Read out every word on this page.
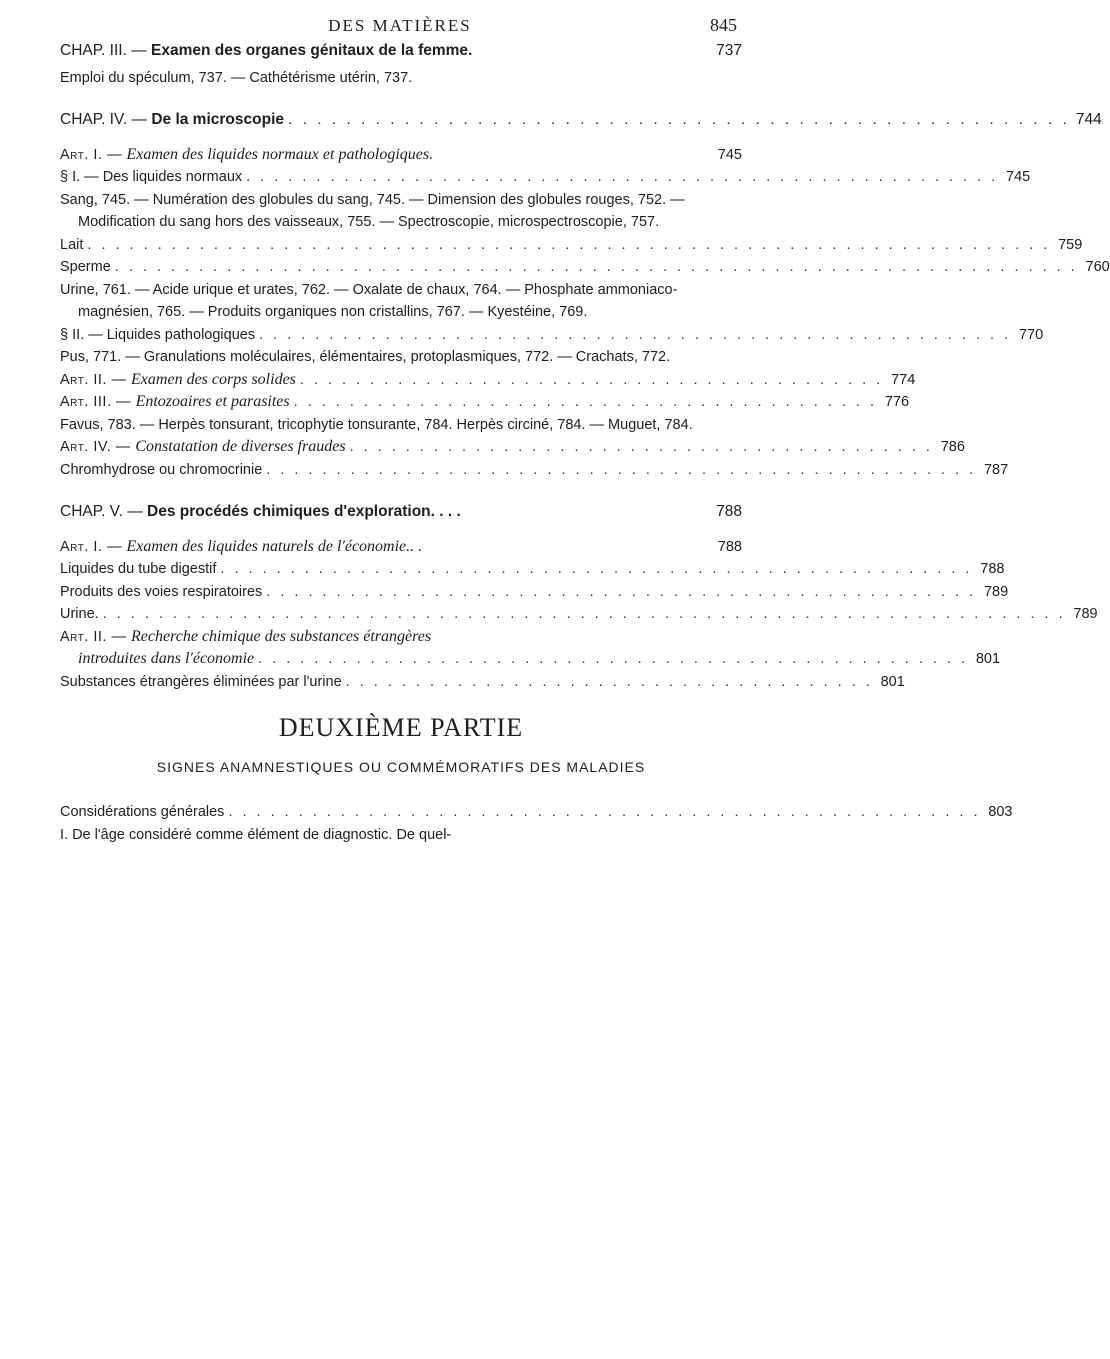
DES MATIÈRES	845
CHAP. III. — Examen des organes génitaux de la femme.	737
Emploi du spéculum, 737. — Cathétérisme utérin, 737.
CHAP. IV. — De la microscopie . . . . . . . . . . . . . . . . . . . . . . . . . . . . . . . . . . . . . . . . . . . . . . . . . . . . . . 744
Art. I. — Examen des liquides normaux et pathologiques.	745
§ I. — Des liquides normaux . . . . . . . . . . . . . . . . . . . . . . . . . . . . . . . . . . . . . . . . . . . . . . . . . . . . . . 745
Sang, 745. — Numération des globules du sang, 745. — Dimension des globules rouges, 752. — Modification du sang hors des vaisseaux, 755. — Spectroscopie, microspectroscopie, 757.
Lait . . . . . . . . . . . . . . . . . . . . . . . . . . . . . . . . . . . . . . . . . . . . . . . . . . . . . . . . . . . . . . . . . . . . . 759
Sperme . . . . . . . . . . . . . . . . . . . . . . . . . . . . . . . . . . . . . . . . . . . . . . . . . . . . . . . . . . . . . . . . . . . . . 760
Urine, 761. — Acide urique et urates, 762. — Oxalate de chaux, 764. — Phosphate ammoniaco-magnésien, 765. — Produits organiques non cristallins, 767. — Kyestéine, 769.
§ II. — Liquides pathologiques . . . . . . . . . . . . . . . . . . . . . . . . . . . . . . . . . . . . . . . . . . . . . . . . . . . . . . 770
Pus, 771. — Granulations moléculaires, élémentaires, protoplasmiques, 772. — Crachats, 772.
Art. II. — Examen des corps solides . . . . . . . . . . . . . . . . . . . . . . . . . . . . . . . . . . . . . . . . . . 774
Art. III. — Entozoaires et parasites . . . . . . . . . . . . . . . . . . . . . . . . . . . . . . . . . . . . . . . . . . 776
Favus, 783. — Herpès tonsurant, tricophytie tonsurante, 784. Herpès circiné, 784. — Muguet, 784.
Art. IV. — Constatation de diverses fraudes . . . . . . . . . . . . . . . . . . . . . . . . . . . . . . . . . . . . . . . . . . 786
Chromhydrose ou chromocrinie . . . . . . . . . . . . . . . . . . . . . . . . . . . . . . . . . . . . . . . . . . . . . . . . . . . 787
CHAP. V. — Des procédés chimiques d'exploration. . . .	788
Art. I. — Examen des liquides naturels de l'économie.. .	788
Liquides du tube digestif . . . . . . . . . . . . . . . . . . . . . . . . . . . . . . . . . . . . . . . . . . . . . . . . . . . . . . 788
Produits des voies respiratoires . . . . . . . . . . . . . . . . . . . . . . . . . . . . . . . . . . . . . . . . . . . . . . . . . . . 789
Urine. . . . . . . . . . . . . . . . . . . . . . . . . . . . . . . . . . . . . . . . . . . . . . . . . . . . . . . . . . . . . . . . . . . . . . 789
Art. II. — Recherche chimique des substances étrangères
introduites dans l'économie . . . . . . . . . . . . . . . . . . . . . . . . . . . . . . . . . . . . . . . . . . . . . . . . . . . 801
Substances étrangères éliminées par l'urine . . . . . . . . . . . . . . . . . . . . . . . . . . . . . . . . . . . . . . 801
DEUXIÈME PARTIE
SIGNES ANAMNESTIQUES OU COMMÉMORATIFS DES MALADIES
Considérations générales . . . . . . . . . . . . . . . . . . . . . . . . . . . . . . . . . . . . . . . . . . . . . . . . . . . . . . 803
I. De l'âge considéré comme élément de diagnostic. De quel-
